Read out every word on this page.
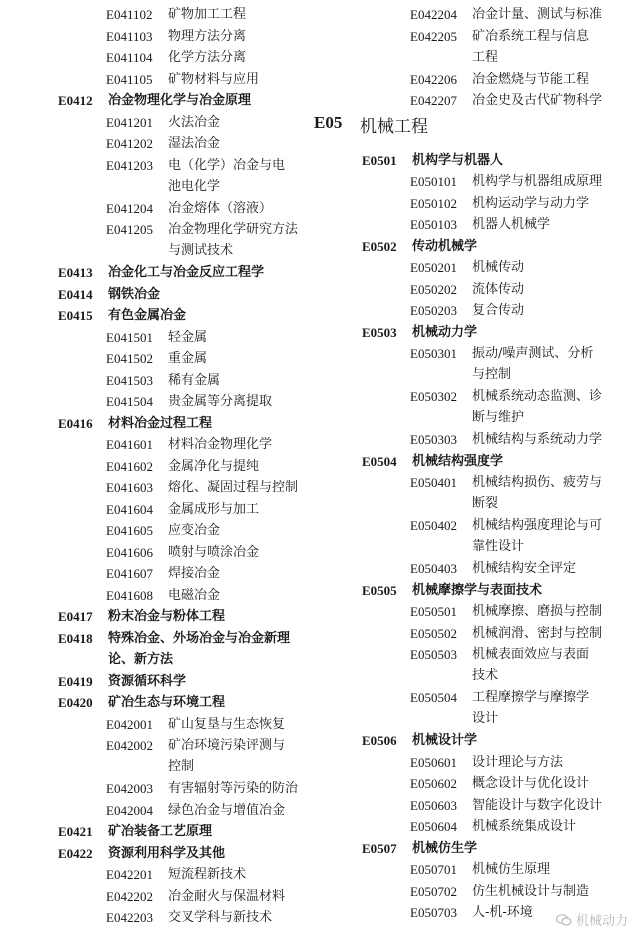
E041102 矿物加工工程
E041103 物理方法分离
E041104 化学方法分离
E041105 矿物材料与应用
E0412 冶金物理化学与冶金原理
E041201 火法冶金
E041202 湿法冶金
E041203 电（化学）冶金与电
池电化学
E041204 冶金熔体（溶液）
E041205 冶金物理化学研究方法
与测试技术
E0413 冶金化工与冶金反应工程学
E0414 钢铁冶金
E0415 有色金属冶金
E041501 轻金属
E041502 重金属
E041503 稀有金属
E041504 贵金属等分离提取
E0416 材料冶金过程工程
E041601 材料冶金物理化学
E041602 金属净化与提纯
E041603 熔化、凝固过程与控制
E041604 金属成形与加工
E041605 应变冶金
E041606 喷射与喷涂冶金
E041607 焊接冶金
E041608 电磁冶金
E0417 粉末冶金与粉体工程
E0418 特殊冶金、外场冶金与冶金新理
论、新方法
E0419 资源循环科学
E0420 矿冶生态与环境工程
E042001 矿山复垦与生态恢复
E042002 矿冶环境污染评测与
控制
E042003 有害辐射等污染的防治
E042004 绿色冶金与增值冶金
E0421 矿冶装备工艺原理
E0422 资源利用科学及其他
E042201 短流程新技术
E042202 冶金耐火与保温材料
E042203 交叉学科与新技术
E042204 冶金计量、测试与标准
E042205 矿冶系统工程与信息
工程
E042206 冶金燃烧与节能工程
E042207 冶金史及古代矿物科学
E05 机械工程
E0501 机构学与机器人
E050101 机构学与机器组成原理
E050102 机构运动学与动力学
E050103 机器人机械学
E0502 传动机械学
E050201 机械传动
E050202 流体传动
E050203 复合传动
E0503 机械动力学
E050301 振动/噪声测试、分析
与控制
E050302 机械系统动态监测、诊
断与维护
E050303 机械结构与系统动力学
E0504 机械结构强度学
E050401 机械结构损伤、疲劳与
断裂
E050402 机械结构强度理论与可
靠性设计
E050403 机械结构安全评定
E0505 机械摩擦学与表面技术
E050501 机械摩擦、磨损与控制
E050502 机械润滑、密封与控制
E050503 机械表面效应与表面
技术
E050504 工程摩擦学与摩擦学
设计
E0506 机械设计学
E050601 设计理论与方法
E050602 概念设计与优化设计
E050603 智能设计与数字化设计
E050604 机械系统集成设计
E0507 机械仿生学
E050701 机械仿生原理
E050702 仿生机械设计与制造
E050703 人-机-环境
机械动力
